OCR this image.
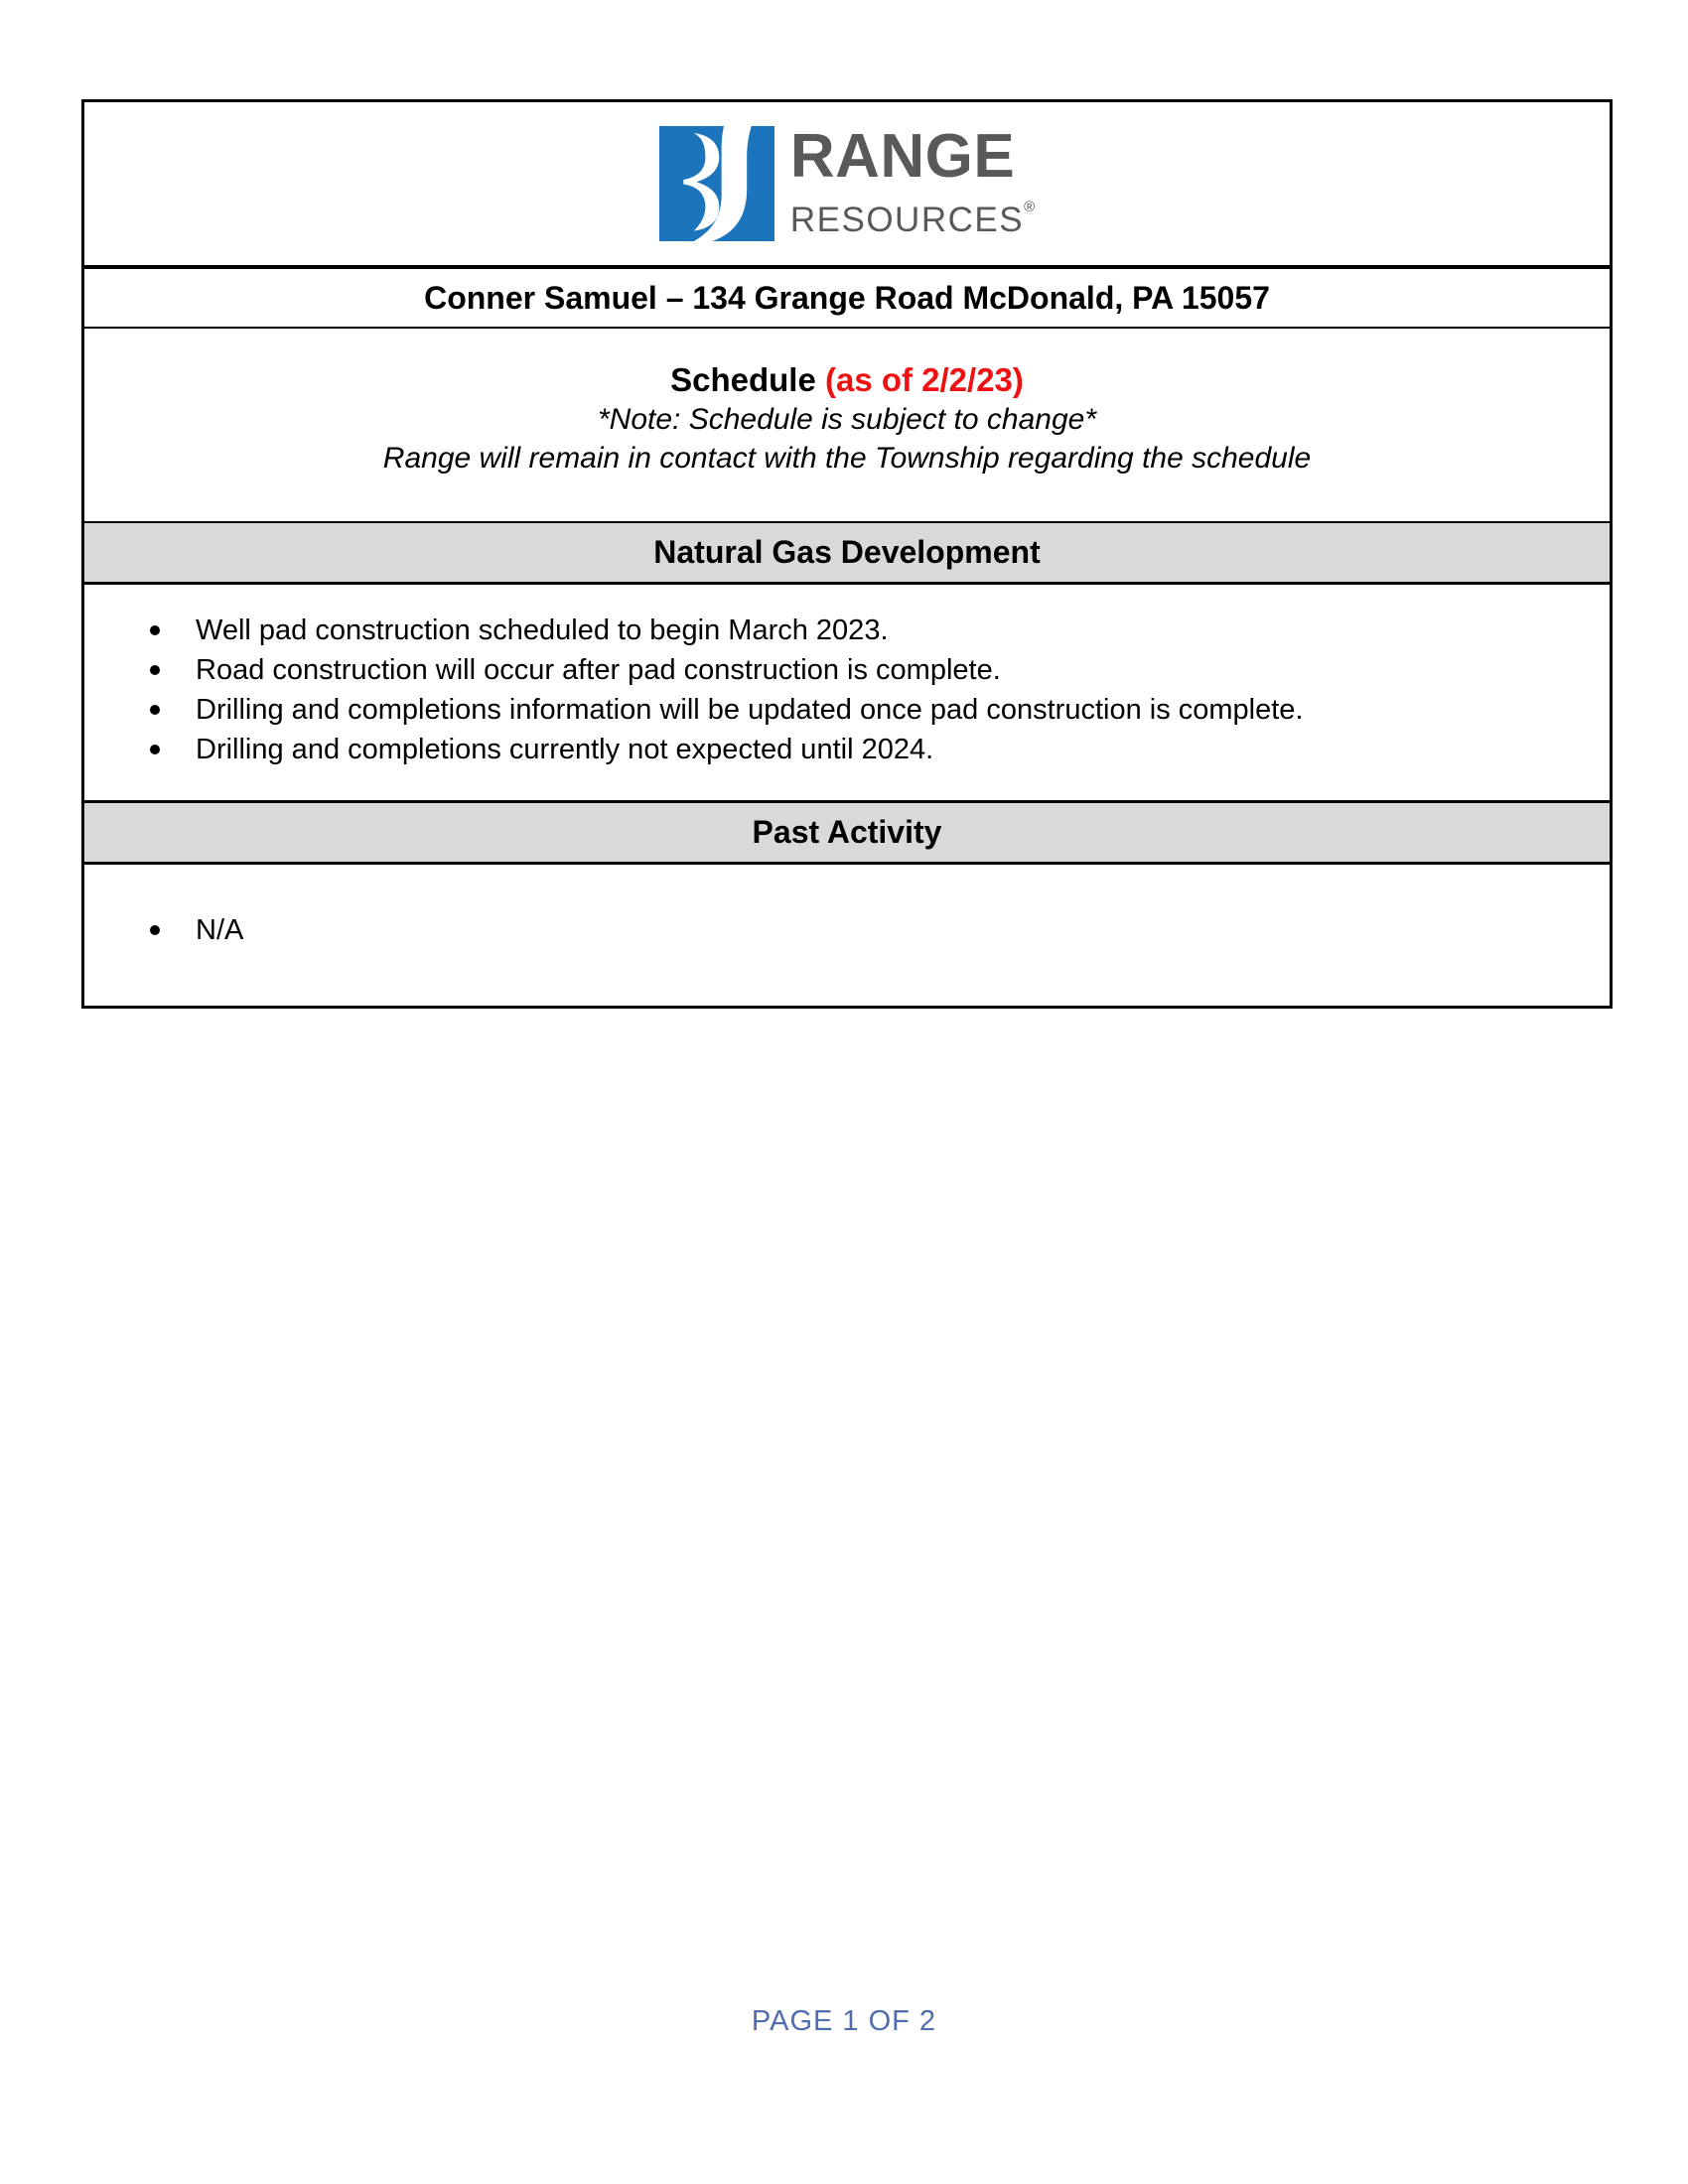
RANGE
RESOURCES®
Conner Samuel – 134 Grange Road McDonald, PA 15057
Schedule (as of 2/2/23)
*Note: Schedule is subject to change*
Range will remain in contact with the Township regarding the schedule
Natural Gas Development
Well pad construction scheduled to begin March 2023.
Road construction will occur after pad construction is complete.
Drilling and completions information will be updated once pad construction is complete.
Drilling and completions currently not expected until 2024.
Past Activity
N/A
PAGE 1 OF 2
